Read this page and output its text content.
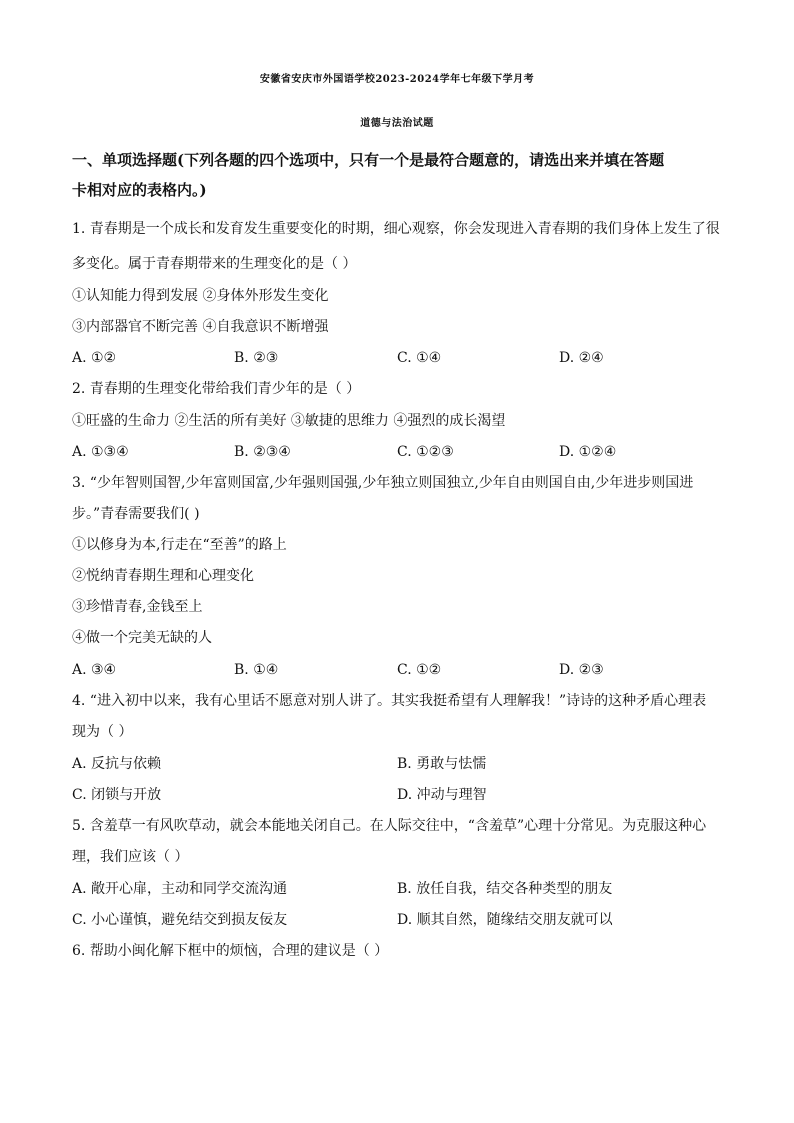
安徽省安庆市外国语学校2023-2024学年七年级下学月考
道德与法治试题
一、单项选择题(下列各题的四个选项中，只有一个是最符合题意的，请选出来并填在答题
卡相对应的表格内。)
1. 青春期是一个成长和发育发生重要变化的时期，细心观察，你会发现进入青春期的我们身体上发生了很
多变化。属于青春期带来的生理变化的是（ ）
①认知能力得到发展 ②身体外形发生变化
③内部器官不断完善 ④自我意识不断增强
A. ①②	B. ②③	C. ①④	D. ②④
2. 青春期的生理变化带给我们青少年的是（ ）
①旺盛的生命力 ②生活的所有美好 ③敏捷的思维力 ④强烈的成长渴望
A. ①③④	B. ②③④	C. ①②③	D. ①②④
3. “少年智则国智,少年富则国富,少年强则国强,少年独立则国独立,少年自由则国自由,少年进步则国进
步。”青春需要我们( )
①以修身为本,行走在“至善”的路上
②悦纳青春期生理和心理变化
③珍惜青春,金钱至上
④做一个完美无缺的人
A. ③④	B. ①④	C. ①②	D. ②③
4. “进入初中以来，我有心里话不愿意对别人讲了。其实我挺希望有人理解我！”诗诗的这种矛盾心理表
现为（ ）
A. 反抗与依赖	B. 勇敢与怯懦
C. 闭锁与开放	D. 冲动与理智
5. 含羞草一有风吹草动，就会本能地关闭自己。在人际交往中，“含羞草”心理十分常见。为克服这种心
理，我们应该（ ）
A. 敞开心扉，主动和同学交流沟通	B. 放任自我，结交各种类型的朋友
C. 小心谨慎，避免结交到损友佞友	D. 顺其自然，随缘结交朋友就可以
6. 帮助小闽化解下框中的烦恼，合理的建议是（ ）
